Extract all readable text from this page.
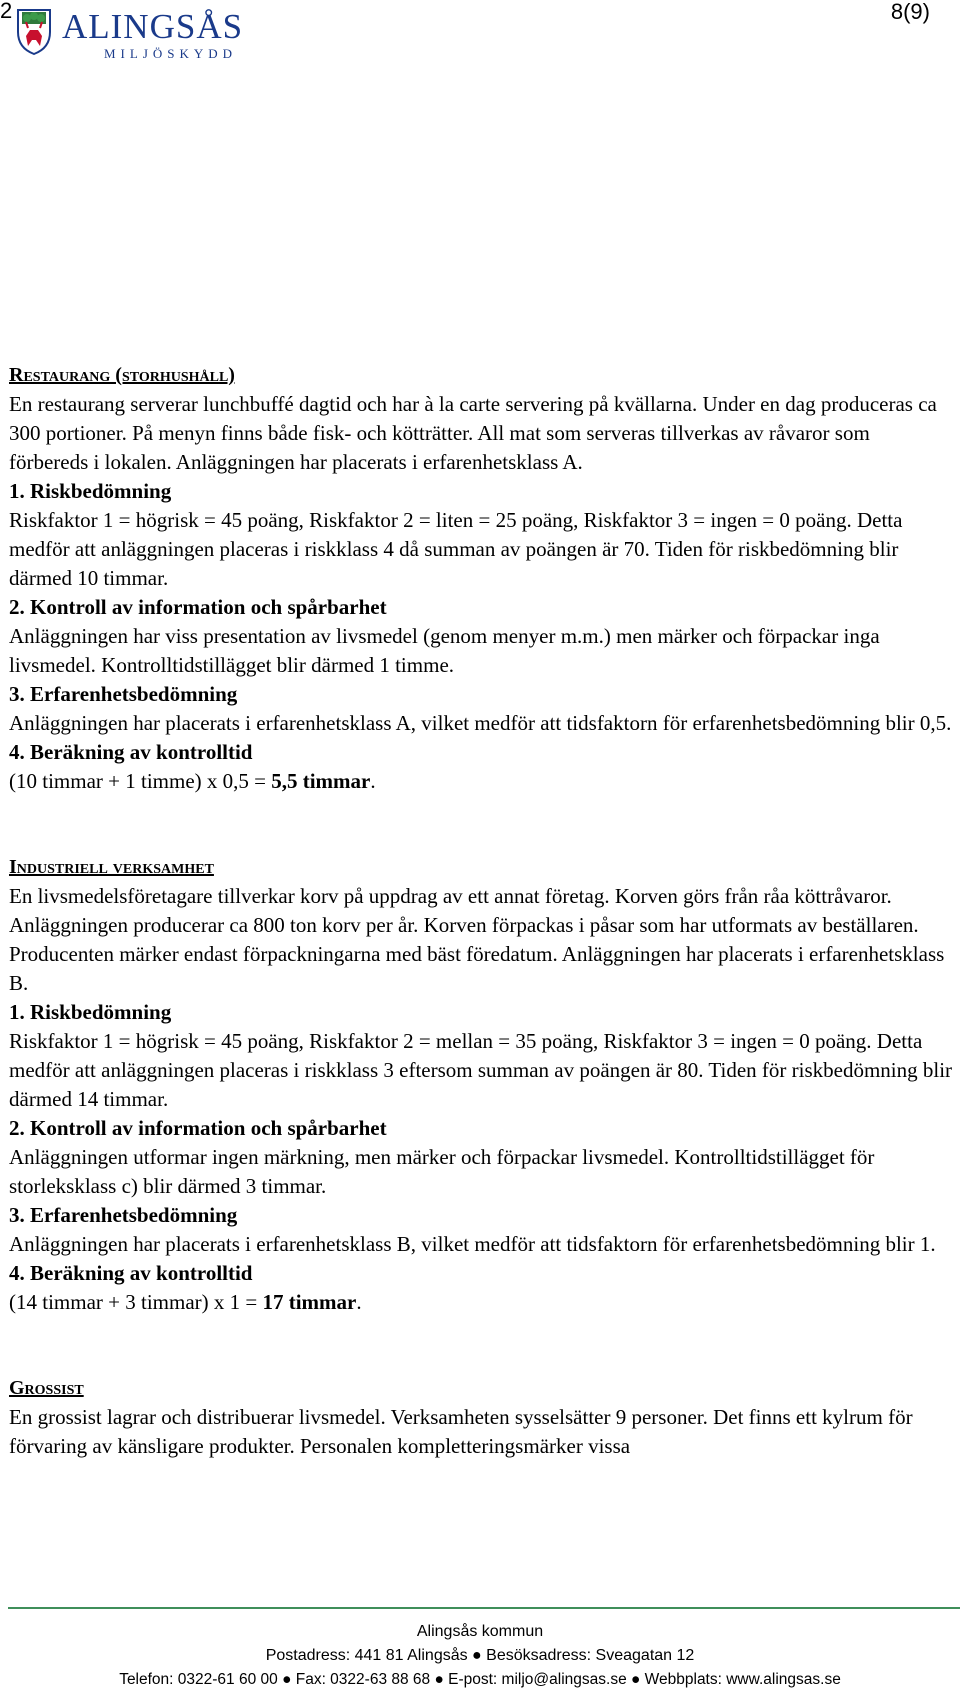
2	8(9)
ALINGSÅS
MILJÖSKYDD
Restaurang (storhushåll)

En restaurang serverar lunchbuffé dagtid och har à la carte servering på kvällarna. Under en dag produceras ca 300 portioner. På menyn finns både fisk- och kötträtter. All mat som serveras tillverkas av råvaror som förbereds i lokalen. Anläggningen har placerats i erfarenhetsklass A.

1. Riskbedömning

Riskfaktor 1 = högrisk = 45 poäng, Riskfaktor 2 = liten = 25 poäng, Riskfaktor 3 = ingen = 0 poäng. Detta medför att anläggningen placeras i riskklass 4 då summan av poängen är 70. Tiden för riskbedömning blir därmed 10 timmar.

2. Kontroll av information och spårbarhet

Anläggningen har viss presentation av livsmedel (genom menyer m.m.) men märker och förpackar inga livsmedel. Kontrolltidstillägget blir därmed 1 timme.

3. Erfarenhetsbedömning

Anläggningen har placerats i erfarenhetsklass A, vilket medför att tidsfaktorn för erfarenhetsbedömning blir 0,5.

4. Beräkning av kontrolltid

(10 timmar + 1 timme) x 0,5 = 5,5 timmar.

Industriell verksamhet

En livsmedelsföretagare tillverkar korv på uppdrag av ett annat företag. Korven görs från råa köttråvaror. Anläggningen producerar ca 800 ton korv per år. Korven förpackas i påsar som har utformats av beställaren. Producenten märker endast förpackningarna med bäst föredatum. Anläggningen har placerats i erfarenhetsklass B.

1. Riskbedömning

Riskfaktor 1 = högrisk = 45 poäng, Riskfaktor 2 = mellan = 35 poäng, Riskfaktor 3 = ingen = 0 poäng. Detta medför att anläggningen placeras i riskklass 3 eftersom summan av poängen är 80. Tiden för riskbedömning blir därmed 14 timmar.

2. Kontroll av information och spårbarhet

Anläggningen utformar ingen märkning, men märker och förpackar livsmedel. Kontrolltidstillägget för storleksklass c) blir därmed 3 timmar.

3. Erfarenhetsbedömning

Anläggningen har placerats i erfarenhetsklass B, vilket medför att tidsfaktorn för erfarenhetsbedömning blir 1.

4. Beräkning av kontrolltid

(14 timmar + 3 timmar) x 1 = 17 timmar.

Grossist

En grossist lagrar och distribuerar livsmedel. Verksamheten sysselsätter 9 personer. Det finns ett kylrum för förvaring av känsligare produkter. Personalen kompletteringsmärker vissa

Alingsås kommun
Postadress: 441 81 Alingsås ● Besöksadress: Sveagatan 12
Telefon: 0322-61 60 00 ● Fax: 0322-63 88 68 ● E-post: miljo@alingsas.se ● Webbplats: www.alingsas.se
